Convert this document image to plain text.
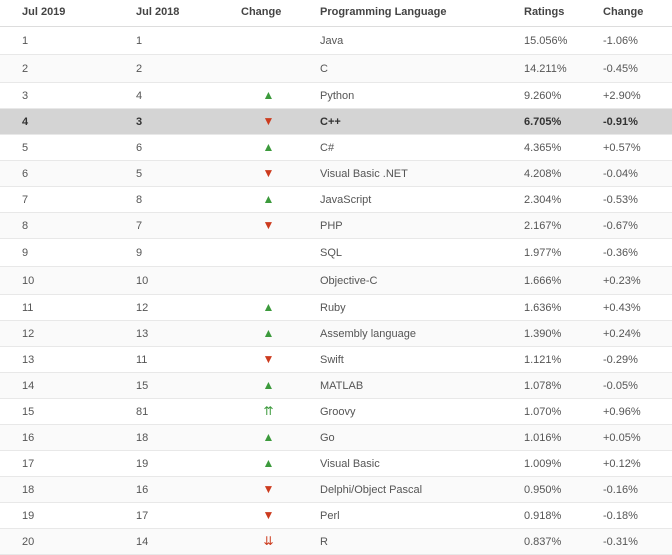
Jul 2019	Jul 2018	Change	Programming Language	Ratings	Change
1	1		Java	15.056%	-1.06%
2	2		C	14.211%	-0.45%
3	4	▲	Python	9.260%	+2.90%
4	3	▼	C++	6.705%	-0.91%
5	6	▲	C#	4.365%	+0.57%
6	5	▼	Visual Basic .NET	4.208%	-0.04%
7	8	▲	JavaScript	2.304%	-0.53%
8	7	▼	PHP	2.167%	-0.67%
9	9		SQL	1.977%	-0.36%
10	10		Objective-C	1.666%	+0.23%
11	12	▲	Ruby	1.636%	+0.43%
12	13	▲	Assembly language	1.390%	+0.24%
13	11	▼	Swift	1.121%	-0.29%
14	15	▲	MATLAB	1.078%	-0.05%
15	81	⇈	Groovy	1.070%	+0.96%
16	18	▲	Go	1.016%	+0.05%
17	19	▲	Visual Basic	1.009%	+0.12%
18	16	▼	Delphi/Object Pascal	0.950%	-0.16%
19	17	▼	Perl	0.918%	-0.18%
20	14	⇊	R	0.837%	-0.31%
